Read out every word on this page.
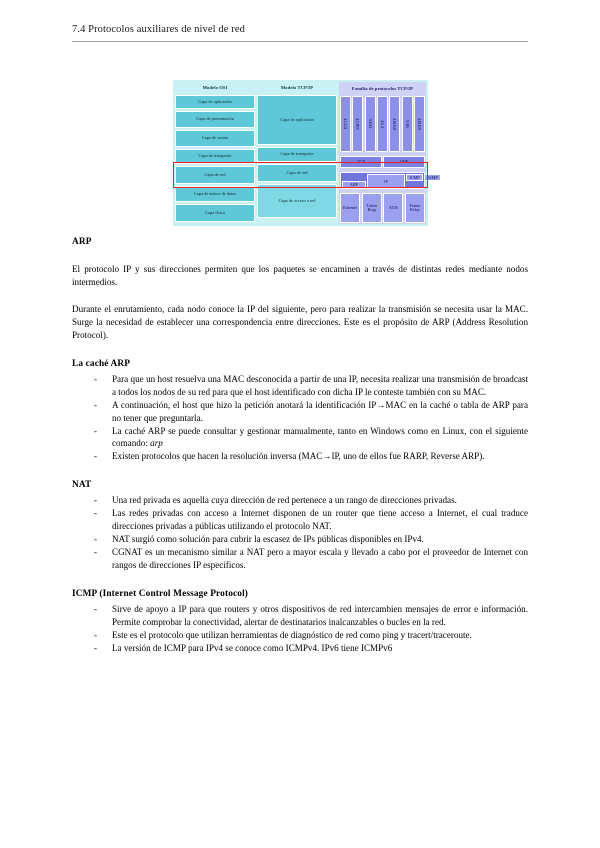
7.4 Protocolos auxiliares de nivel de red
Modelo OSI
Capa de aplicación
Capa de presentación
Capa de sesión
Capa de transporte
Capa de red
Capa de enlace de datos
Capa física
Modelo TCP/IP
Capa de aplicación
Capa de transporte
Capa de red
Capa de acceso a red
Familia de protocolos TCP/IP
HTTP SMTP DNS FTP SNMP NFS SNMP
TCP	UDP
ARP
IP
ICMP	IGMP
Ethernet	Token Ring	ATM	Frame Relay
ARP

El protocolo IP y sus direcciones permiten que los paquetes se encaminen a través de distintas redes mediante nodos intermedios.

Durante el enrutamiento, cada nodo conoce la IP del siguiente, pero para realizar la transmisión se necesita usar la MAC. Surge la necesidad de establecer una correspondencia entre direcciones. Este es el propósito de ARP (Address Resolution Protocol).

La caché ARP
- Para que un host resuelva una MAC desconocida a partir de una IP, necesita realizar una transmisión de broadcast a todos los nodos de su red para que el host identificado con dicha IP le conteste también con su MAC.
- A continuación, el host que hizo la petición anotará la identificación IP→MAC en la caché o tabla de ARP para no tener que preguntarla.
- La caché ARP se puede consultar y gestionar manualmente, tanto en Windows como en Linux, con el siguiente comando: arp
- Existen protocolos que hacen la resolución inversa (MAC→IP, uno de ellos fue RARP, Reverse ARP).
NAT
- Una red privada es aquella cuya dirección de red pertenece a un rango de direcciones privadas.
- Las redes privadas con acceso a Internet disponen de un router que tiene acceso a Internet, el cual traduce direcciones privadas a públicas utilizando el protocolo NAT.
- NAT surgió como solución para cubrir la escasez de IPs públicas disponibles en IPv4.
- CGNAT es un mecanismo similar a NAT pero a mayor escala y llevado a cabo por el proveedor de Internet con rangos de direcciones IP específicos.
ICMP (Internet Control Message Protocol)
- Sirve de apoyo a IP para que routers y otros dispositivos de red intercambien mensajes de error e información. Permite comprobar la conectividad, alertar de destinatarios inalcanzables o bucles en la red.
- Este es el protocolo que utilizan herramientas de diagnóstico de red como ping y tracert/traceroute.
- La versión de ICMP para IPv4 se conoce como ICMPv4. IPv6 tiene ICMPv6
